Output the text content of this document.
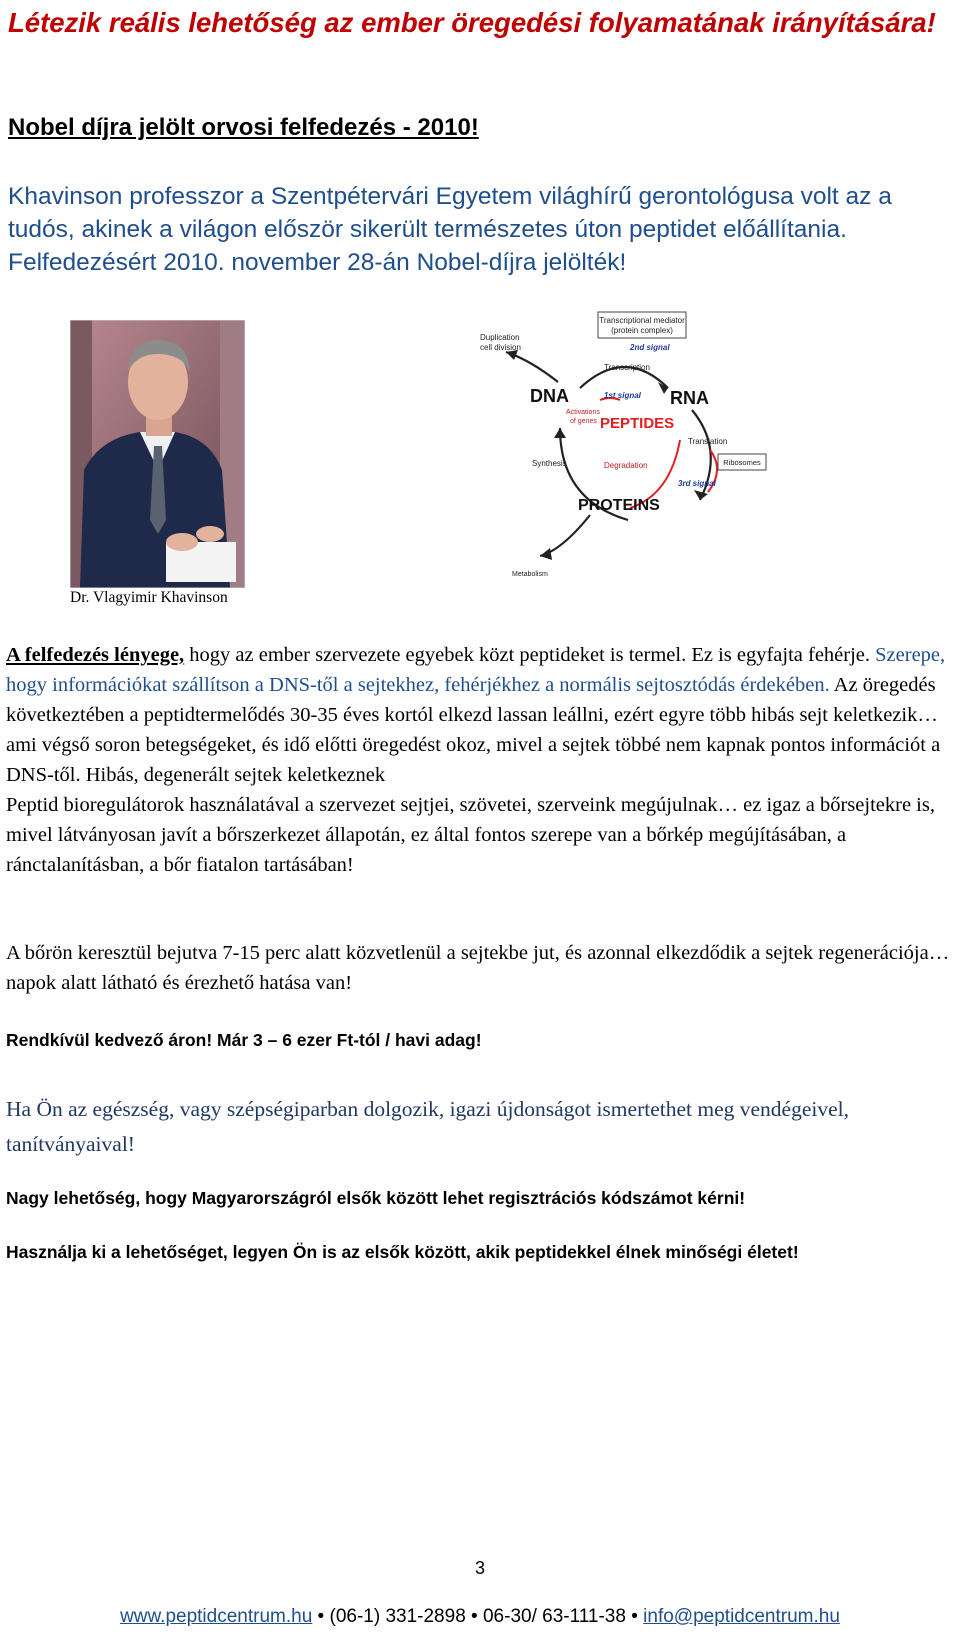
Létezik reális lehetőség az ember öregedési folyamatának irányítására!
Nobel díjra jelölt orvosi felfedezés - 2010!
Khavinson professzor a Szentpétervári Egyetem világhírű gerontológusa volt az a tudós, akinek a világon először sikerült természetes úton peptidet előállítania. Felfedezésért 2010. november 28-án Nobel-díjra jelölték!
Dr. Vlagyimir Khavinson
Transcriptional mediator
(protein complex)
Duplication
cell division	2nd signal
Transcription
DNA	RNA
1st signal
Activations
of genes PEPTIDES
Translation
Ribosomes
Synthesis	Degradation
3rd signal
PROTEINS
Metabolism
A felfedezés lényege, hogy az ember szervezete egyebek közt peptideket is termel. Ez is egyfajta fehérje. Szerepe, hogy információkat szállítson a DNS-től a sejtekhez, fehérjékhez a normális sejtosztódás érdekében. Az öregedés következtében a peptidtermelődés 30-35 éves kortól elkezd lassan leállni, ezért egyre több hibás sejt keletkezik… ami végső soron betegségeket, és idő előtti öregedést okoz, mivel a sejtek többé nem kapnak pontos információt a DNS-től. Hibás, degenerált sejtek keletkeznek
Peptid bioregulátorok használatával a szervezet sejtjei, szövetei, szerveink megújulnak… ez igaz a bőrsejtekre is, mivel látványosan javít a bőrszerkezet állapotán, ez által fontos szerepe van a bőrkép megújításában, a ránctalanításban, a bőr fiatalon tartásában!
A bőrön keresztül bejutva 7-15 perc alatt közvetlenül a sejtekbe jut, és azonnal elkezdődik a sejtek regenerációja… napok alatt látható és érezhető hatása van!
Rendkívül kedvező áron! Már 3 – 6 ezer Ft-tól / havi adag!
Ha Ön az egészség, vagy szépségiparban dolgozik, igazi újdonságot ismertethet meg vendégeivel, tanítványaival!
Nagy lehetőség, hogy Magyarországról elsők között lehet regisztrációs kódszámot kérni!
Használja ki a lehetőséget, legyen Ön is az elsők között, akik peptidekkel élnek minőségi életet!
3
www.peptidcentrum.hu • (06-1) 331-2898 • 06-30/ 63-111-38 • info@peptidcentrum.hu
